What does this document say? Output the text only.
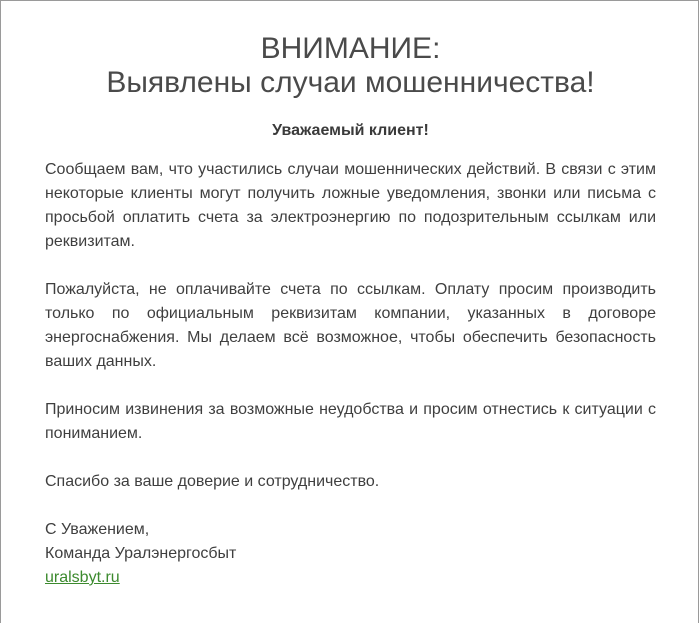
ВНИМАНИЕ:
Выявлены случаи мошенничества!
Уважаемый клиент!

Сообщаем вам, что участились случаи мошеннических действий. В связи с этим некоторые клиенты могут получить ложные уведомления, звонки или письма с просьбой оплатить счета за электроэнергию по подозрительным ссылкам или реквизитам.

Пожалуйста, не оплачивайте счета по ссылкам. Оплату просим производить только по официальным реквизитам компании, указанных в договоре энергоснабжения. Мы делаем всё возможное, чтобы обеспечить безопасность ваших данных.

Приносим извинения за возможные неудобства и просим отнестись к ситуации с пониманием.

Спасибо за ваше доверие и сотрудничество.

С Уважением,

Команда Уралэнергосбыт

uralsbyt.ru
